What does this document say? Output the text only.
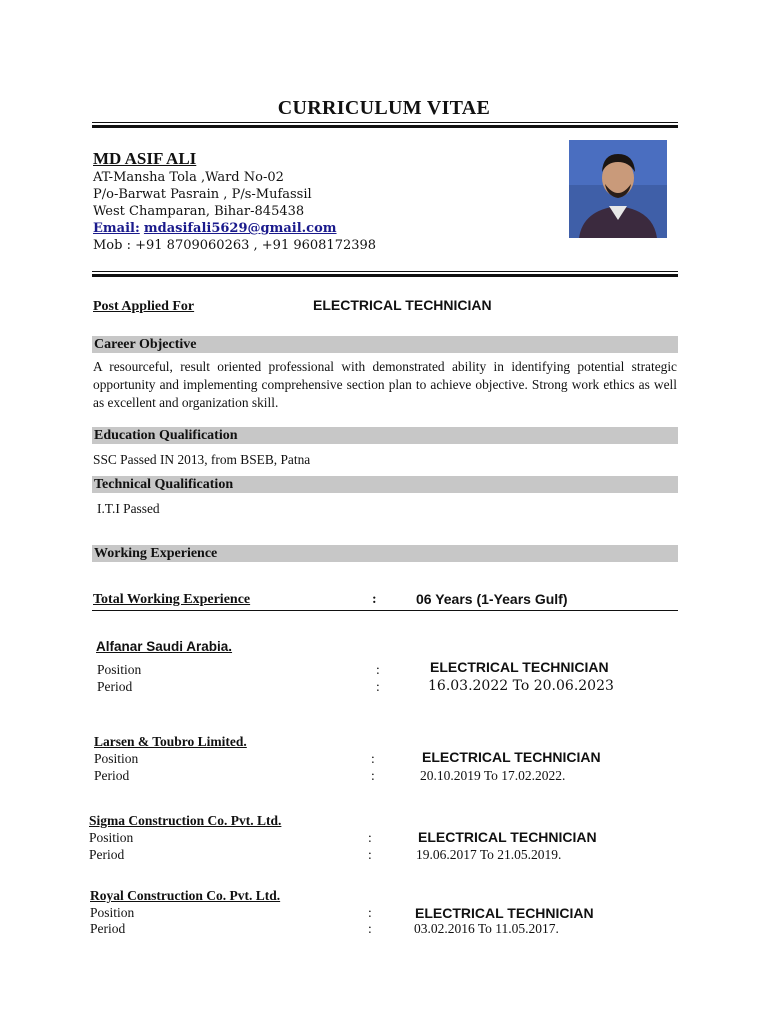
CURRICULUM VITAE
MD ASIF ALI
AT-Mansha Tola ,Ward No-02
P/o-Barwat Pasrain , P/s-Mufassil
West Champaran, Bihar-845438
Email: mdasifali5629@gmail.com
Mob : +91 8709060263 , +91 9608172398
Post Applied For	ELECTRICAL TECHNICIAN
Career Objective
A resourceful, result oriented professional with demonstrated ability in identifying potential strategic opportunity and implementing comprehensive section plan to achieve objective. Strong work ethics as well as excellent and organization skill.
Education Qualification
SSC Passed IN 2013, from BSEB, Patna
Technical Qualification
I.T.I Passed
Working Experience
Total Working Experience	:	06 Years (1-Years Gulf)
Alfanar Saudi Arabia.
Position	:	ELECTRICAL TECHNICIAN
Period	:	16.03.2022 To 20.06.2023
Larsen & Toubro Limited.
Position	:	ELECTRICAL TECHNICIAN
Period	:	20.10.2019 To 17.02.2022.
Sigma Construction Co. Pvt. Ltd.
Position	:	ELECTRICAL TECHNICIAN
Period	:	19.06.2017 To 21.05.2019.
Royal Construction Co. Pvt. Ltd.
Position	:	ELECTRICAL TECHNICIAN
Period	:	03.02.2016 To 11.05.2017.
